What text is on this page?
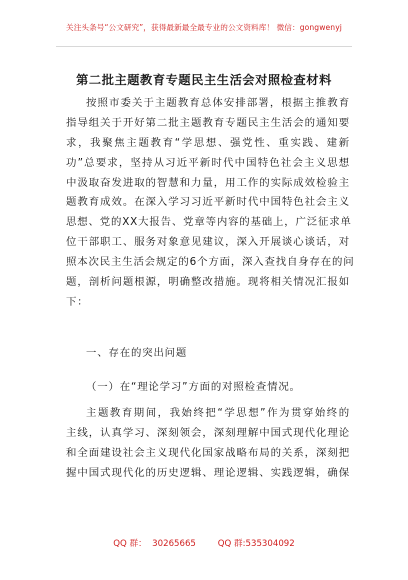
关注头条号“公文研究”，获得最新最全最专业的公文资料库！ 微信：gongwenyj
第二批主题教育专题民主生活会对照检查材料
按照市委关于主题教育总体安排部署，根据主推教育
指导组关于开好第二批主题教育专题民主生活会的通知要
求，我聚焦主题教育“学思想、强党性、重实践、建新
功”总要求，坚持从习近平新时代中国特色社会主义思想
中汲取奋发进取的智慧和力量，用工作的实际成效检验主
题教育成效。在深入学习习近平新时代中国特色社会主义
思想、党的XX大报告、党章等内容的基础上，广泛征求单
位干部职工、服务对象意见建议，深入开展谈心谈话，对
照本次民主生活会规定的6个方面，深入查找自身存在的问
题，剖析问题根源，明确整改措施。现将相关情况汇报如
下：
一、存在的突出问题
（一）在“理论学习”方面的对照检查情况。
主题教育期间，我始终把“学思想”作为贯穿始终的
主线，认真学习、深刻领会，深刻理解中国式现代化理论
和全面建设社会主义现代化国家战略布局的关系，深刻把
握中国式现代化的历史逻辑、理论逻辑、实践逻辑，确保
QQ 群：  30265665	QQ 群:535304092
